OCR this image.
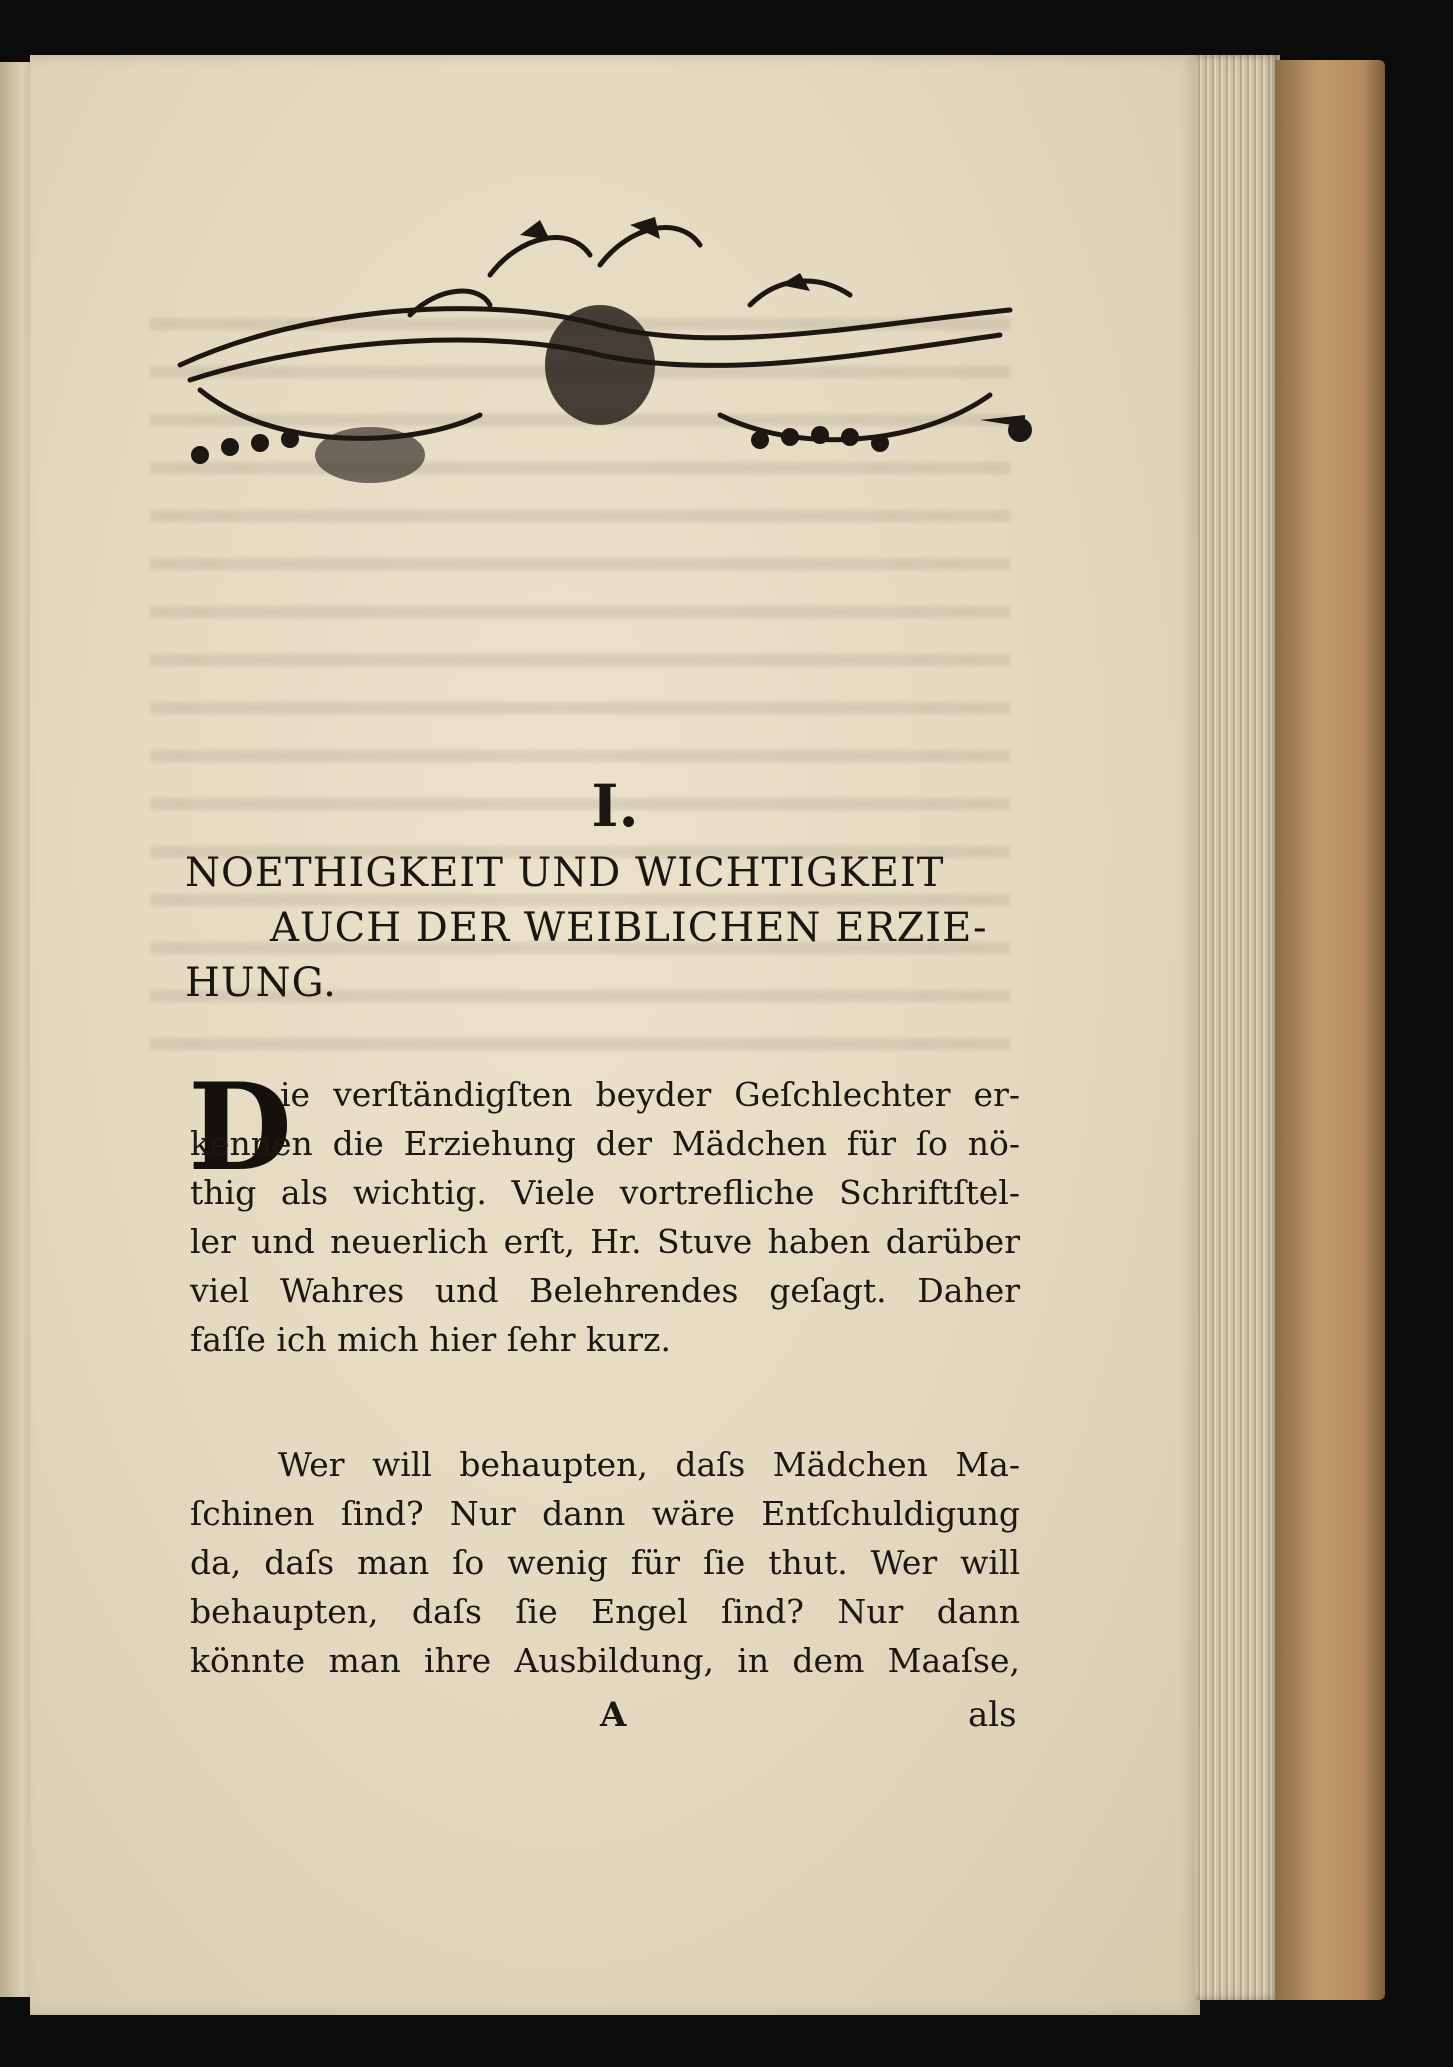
I.
NOETHIGKEIT UND WICHTIGKEIT
AUCH DER WEIBLICHEN ERZIE-
HUNG.
D
ie verſtändigſten beyder Geſchlechter er-
kennen die Erziehung der Mädchen für ſo nö-
thig als wichtig. Viele vortrefliche Schriftſtel-
ler und neuerlich erſt, Hr. Stuve haben darüber
viel Wahres und Belehrendes geſagt. Daher
faſſe ich mich hier ſehr kurz.
Wer will behaupten, daſs Mädchen Ma-
ſchinen ſind? Nur dann wäre Entſchuldigung
da, daſs man ſo wenig für ſie thut. Wer will
behaupten, daſs ſie Engel ſind? Nur dann
könnte man ihre Ausbildung, in dem Maaſse,
A	als
